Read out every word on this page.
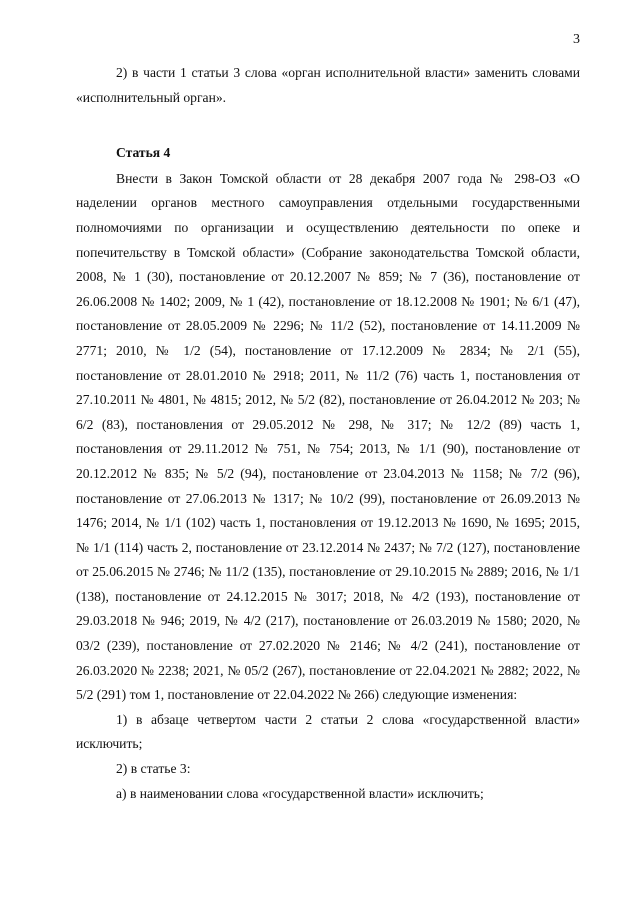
3

2) в части 1 статьи 3 слова «орган исполнительной власти» заменить словами «исполнительный орган».

Статья 4

Внести в Закон Томской области от 28 декабря 2007 года № 298-ОЗ «О наделении органов местного самоуправления отдельными государственными полномочиями по организации и осуществлению деятельности по опеке и попечительству в Томской области» (Собрание законодательства Томской области, 2008, № 1 (30), постановление от 20.12.2007 № 859; № 7 (36), постановление от 26.06.2008 № 1402; 2009, № 1 (42), постановление от 18.12.2008 № 1901; № 6/1 (47), постановление от 28.05.2009 № 2296; № 11/2 (52), постановление от 14.11.2009 № 2771; 2010, № 1/2 (54), постановление от 17.12.2009 № 2834; № 2/1 (55), постановление от 28.01.2010 № 2918; 2011, № 11/2 (76) часть 1, постановления от 27.10.2011 № 4801, № 4815; 2012, № 5/2 (82), постановление от 26.04.2012 № 203; № 6/2 (83), постановления от 29.05.2012 № 298, № 317; № 12/2 (89) часть 1, постановления от 29.11.2012 № 751, № 754; 2013, № 1/1 (90), постановление от 20.12.2012 № 835; № 5/2 (94), постановление от 23.04.2013 № 1158; № 7/2 (96), постановление от 27.06.2013 № 1317; № 10/2 (99), постановление от 26.09.2013 № 1476; 2014, № 1/1 (102) часть 1, постановления от 19.12.2013 № 1690, № 1695; 2015, № 1/1 (114) часть 2, постановление от 23.12.2014 № 2437; № 7/2 (127), постановление от 25.06.2015 № 2746; № 11/2 (135), постановление от 29.10.2015 № 2889; 2016, № 1/1 (138), постановление от 24.12.2015 № 3017; 2018, № 4/2 (193), постановление от 29.03.2018 № 946; 2019, № 4/2 (217), постановление от 26.03.2019 № 1580; 2020, № 03/2 (239), постановление от 27.02.2020 № 2146; № 4/2 (241), постановление от 26.03.2020 № 2238; 2021, № 05/2 (267), постановление от 22.04.2021 № 2882; 2022, № 5/2 (291) том 1, постановление от 22.04.2022 № 266) следующие изменения:

1) в абзаце четвертом части 2 статьи 2 слова «государственной власти» исключить;

2) в статье 3:

а) в наименовании слова «государственной власти» исключить;
